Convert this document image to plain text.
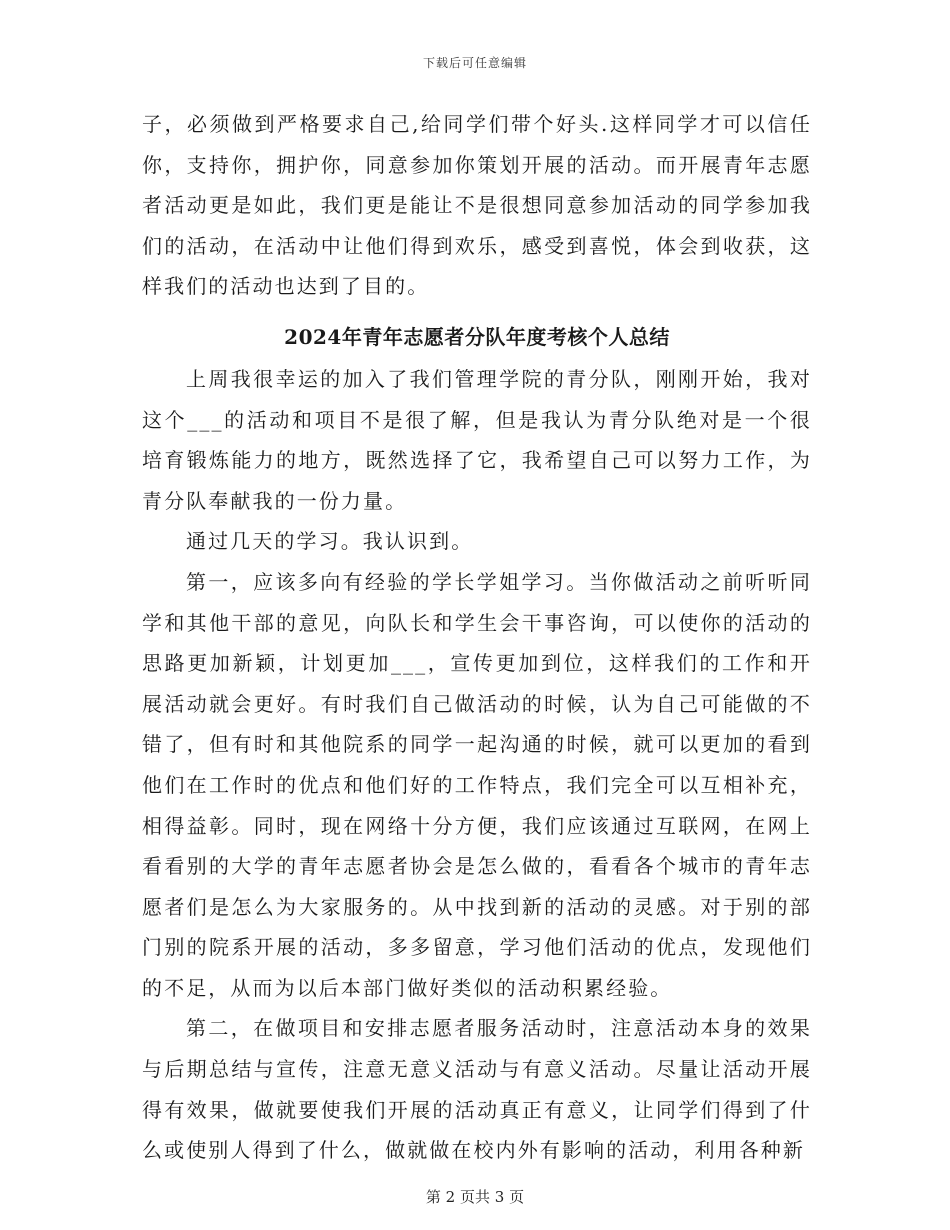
下载后可任意编辑

子，必须做到严格要求自己,给同学们带个好头.这样同学才可以信任你，支持你，拥护你，同意参加你策划开展的活动。而开展青年志愿者活动更是如此，我们更是能让不是很想同意参加活动的同学参加我们的活动，在活动中让他们得到欢乐，感受到喜悦，体会到收获，这样我们的活动也达到了目的。

2024年青年志愿者分队年度考核个人总结

上周我很幸运的加入了我们管理学院的青分队，刚刚开始，我对这个___的活动和项目不是很了解，但是我认为青分队绝对是一个很培育锻炼能力的地方，既然选择了它，我希望自己可以努力工作，为青分队奉献我的一份力量。

通过几天的学习。我认识到。

第一，应该多向有经验的学长学姐学习。当你做活动之前听听同学和其他干部的意见，向队长和学生会干事咨询，可以使你的活动的思路更加新颖，计划更加___，宣传更加到位，这样我们的工作和开展活动就会更好。有时我们自己做活动的时候，认为自己可能做的不错了，但有时和其他院系的同学一起沟通的时候，就可以更加的看到他们在工作时的优点和他们好的工作特点，我们完全可以互相补充，相得益彰。同时，现在网络十分方便，我们应该通过互联网，在网上看看别的大学的青年志愿者协会是怎么做的，看看各个城市的青年志愿者们是怎么为大家服务的。从中找到新的活动的灵感。对于别的部门别的院系开展的活动，多多留意，学习他们活动的优点，发现他们的不足，从而为以后本部门做好类似的活动积累经验。

第二，在做项目和安排志愿者服务活动时，注意活动本身的效果与后期总结与宣传，注意无意义活动与有意义活动。尽量让活动开展得有效果，做就要使我们开展的活动真正有意义，让同学们得到了什么或使别人得到了什么，做就做在校内外有影响的活动，利用各种新

第 2 页共 3 页
